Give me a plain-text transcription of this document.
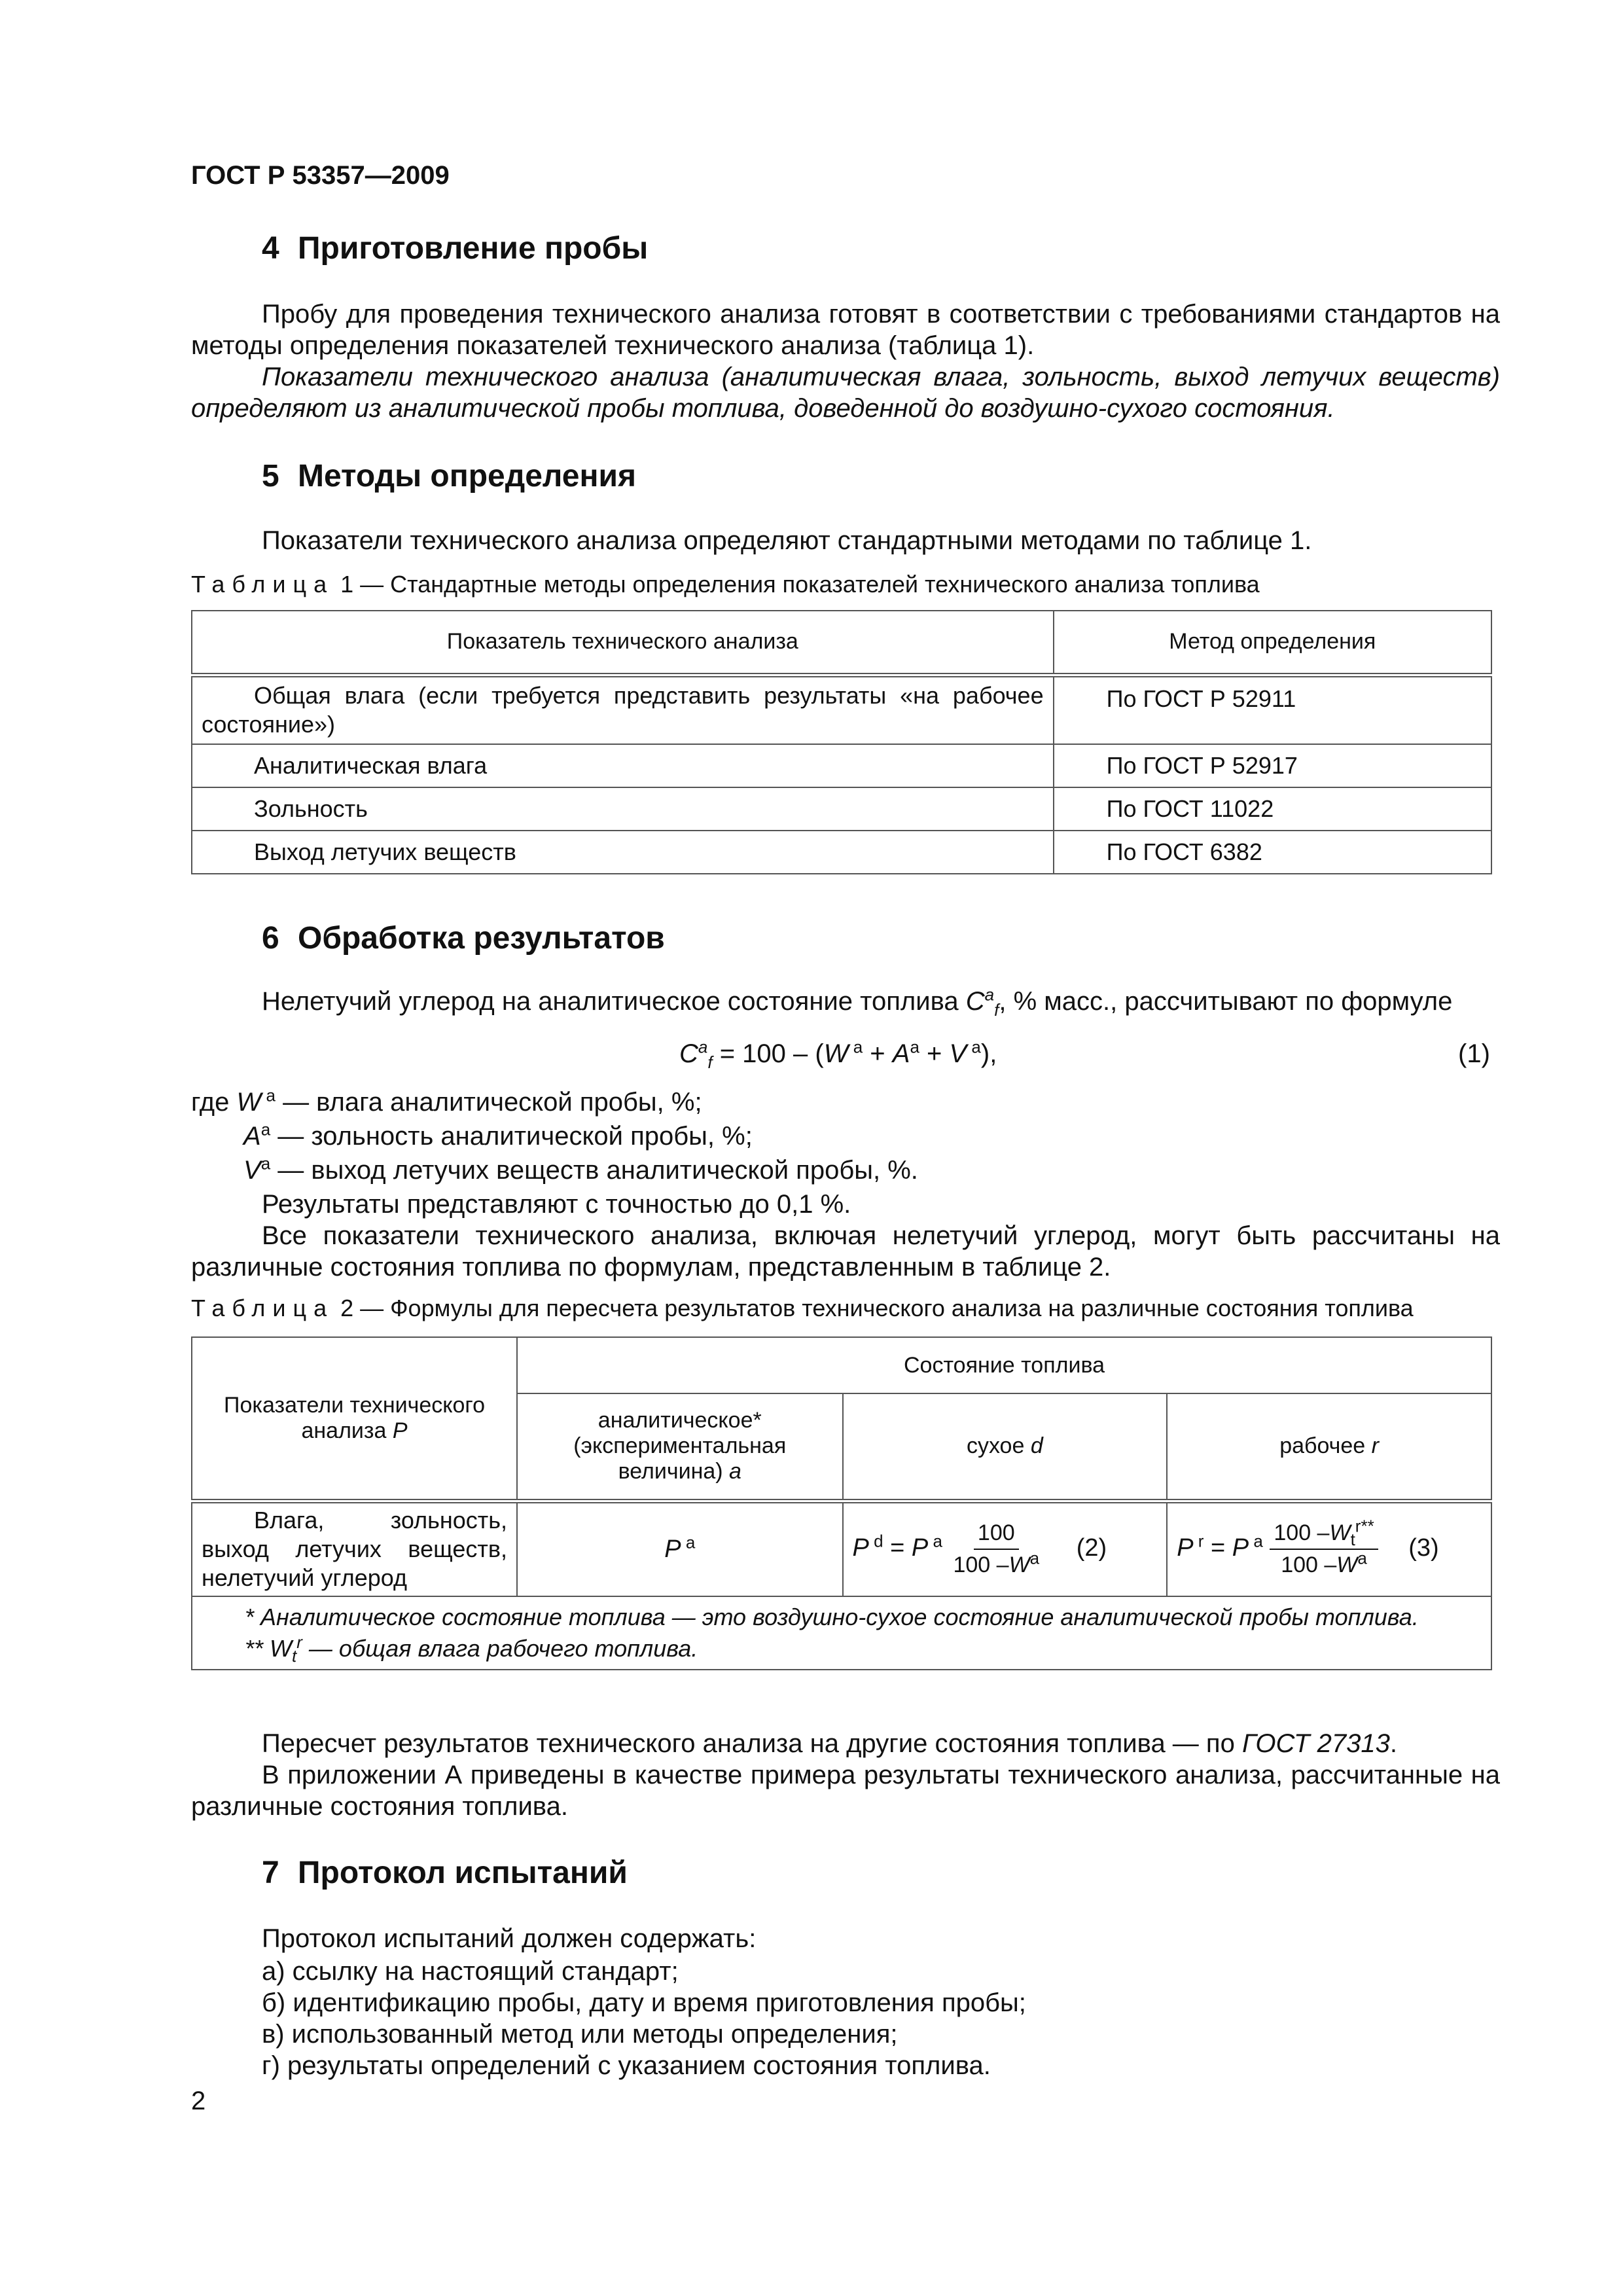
ГОСТ Р 53357—2009
4 Приготовление пробы

Пробу для проведения технического анализа готовят в соответствии с требованиями стандартов на методы определения показателей технического анализа (таблица 1).

Показатели технического анализа (аналитическая влага, зольность, выход летучих веществ) определяют из аналитической пробы топлива, доведенной до воздушно-сухого состояния.

5 Методы определения

Показатели технического анализа определяют стандартными методами по таблице 1.

Таблица 1 — Стандартные методы определения показателей технического анализа топлива
Показатель технического анализа	Метод определения
Общая влага (если требуется представить результаты «на рабочее состояние»)	По ГОСТ Р 52911
Аналитическая влага	По ГОСТ Р 52917
Зольность	По ГОСТ 11022
Выход летучих веществ	По ГОСТ 6382
6 Обработка результатов
Нелетучий углерод на аналитическое состояние топлива $C^a_f$, % масс., рассчитывают по формуле
$C^a_f = 100 - (W$ $^a + A^a + V$ $^a$),	(1)
где W $^a$ — влага аналитической пробы, %;
$A^a$ — зольность аналитической пробы, %;
$V^a$ — выход летучих веществ аналитической пробы, %.

Результаты представляют с точностью до 0,1 %.

Все показатели технического анализа, включая нелетучий углерод, могут быть рассчитаны на различные состояния топлива по формулам, представленным в таблице 2.

Таблица 2 — Формулы для пересчета результатов технического анализа на различные состояния топлива
Показатели технического анализа P	Состояние топлива		
	аналитическое* (экспериментальная величина) a	сухое d	рабочее r
Влага, зольность, выход летучих веществ, нелетучий углерод	P $^a$	P $^d$ = P $^a \frac{100}{100 -W^a} (2)$	P $^r$ = P $^a \frac{100 -W_t^{r**}}{100 -W^a} (3)$

* Аналитическое состояние топлива — это воздушно-сухое состояние аналитической пробы топлива.
** $W_t^r$ — общая влага рабочего топлива.			

Пересчет результатов технического анализа на другие состояния топлива — по ГОСТ 27313.

В приложении А приведены в качестве примера результаты технического анализа, рассчитанные на различные состояния топлива.

7 Протокол испытаний
Протокол испытаний должен содержать:
а) ссылку на настоящий стандарт;
б) идентификацию пробы, дату и время приготовления пробы;
в) использованный метод или методы определения;
г) результаты определений с указанием состояния топлива.
2
